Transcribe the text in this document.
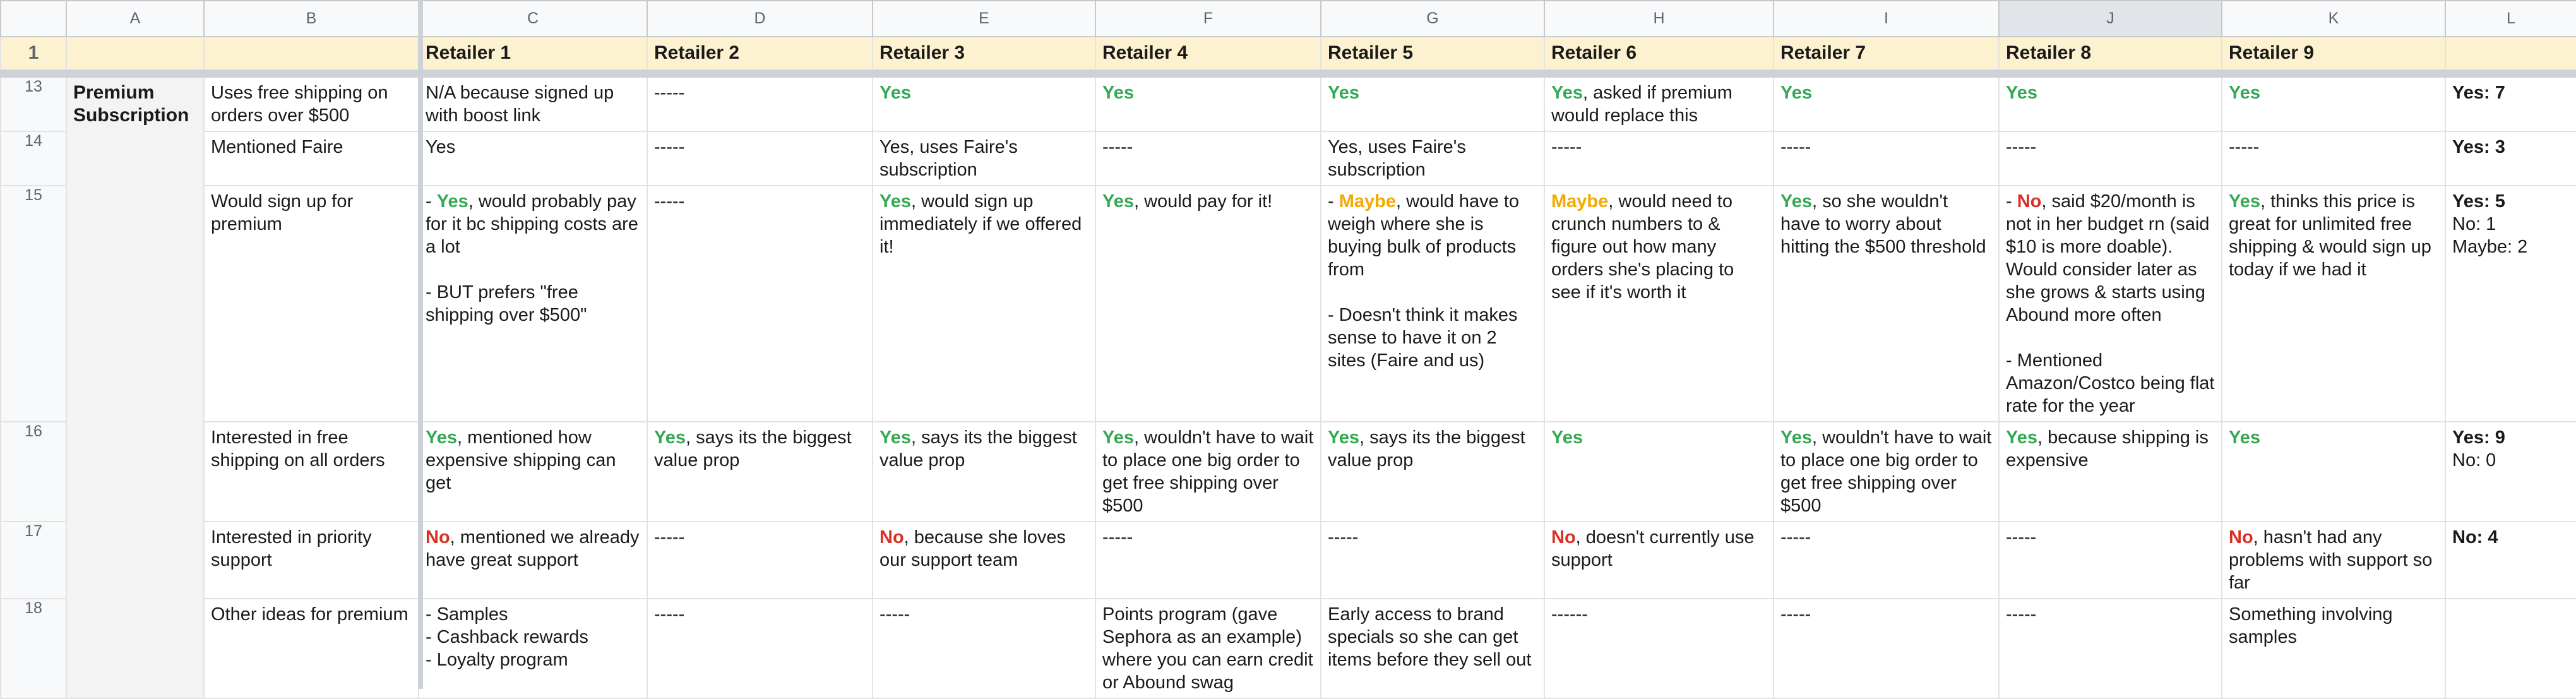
	A	B	C	D	E	F	G	H	I	J	K	L
1			Retailer 1	Retailer 2	Retailer 3	Retailer 4	Retailer 5	Retailer 6	Retailer 7	Retailer 8	Retailer 9	

13	Premium Subscription	Uses free shipping on orders over $500	N/A because signed up with boost link	-----	Yes	Yes	Yes	Yes, asked if premium would replace this	Yes	Yes	Yes	Yes: 7

14		Mentioned Faire	Yes	-----	Yes, uses Faire's subscription	-----	Yes, uses Faire's subscription	-----	-----	-----	-----	Yes: 3

15		Would sign up for premium	- Yes, would probably pay for it bc shipping costs are a lot
- BUT prefers "free shipping over $500"	-----	Yes, would sign up immediately if we offered it!	Yes, would pay for it!	- Maybe, would have to weigh where she is buying bulk of products from
- Doesn't think it makes sense to have it on 2 sites (Faire and us)	Maybe, would need to crunch numbers to & figure out how many orders she's placing to see if it's worth it	Yes, so she wouldn't have to worry about hitting the $500 threshold	- No, said $20/month is not in her budget rn (said $10 is more doable). Would consider later as she grows & starts using Abound more often
- Mentioned Amazon/Costco being flat rate for the year	Yes, thinks this price is great for unlimited free shipping & would sign up today if we had it	Yes: 5
No: 1
Maybe: 2

16		Interested in free shipping on all orders	Yes, mentioned how expensive shipping can get	Yes, says its the biggest value prop	Yes, says its the biggest value prop	Yes, wouldn't have to wait to place one big order to get free shipping over $500	Yes, says its the biggest value prop	Yes	Yes, wouldn't have to wait to place one big order to get free shipping over $500	Yes, because shipping is expensive	Yes	Yes: 9
No: 0

17		Interested in priority support	No, mentioned we already have great support	-----	No, because she loves our support team	-----	-----	No, doesn't currently use support	-----	-----	No, hasn't had any problems with support so far	No: 4

18		Other ideas for premium	- Samples
- Cashback rewards
- Loyalty program	-----	-----	Points program (gave Sephora as an example) where you can earn credit or Abound swag	Early access to brand specials so she can get items before they sell out	------	-----	-----	Something involving samples	
